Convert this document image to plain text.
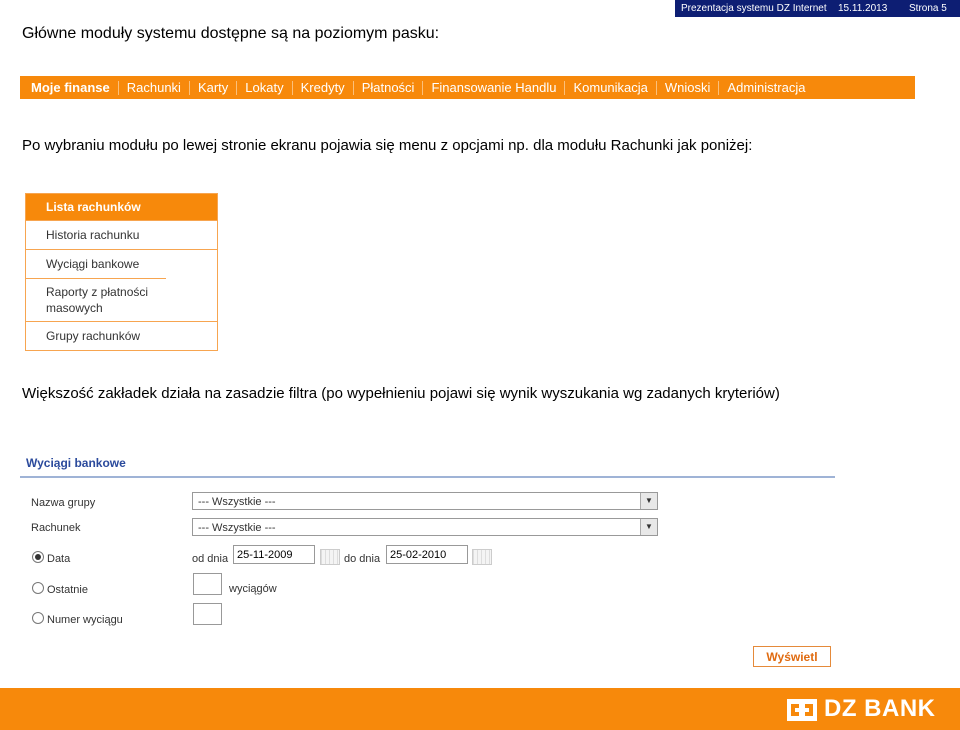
Prezentacja systemu DZ Internet 15.11.2013 Strona 5
Główne moduły systemu dostępne są na poziomym pasku:
Moje finanse	Rachunki	Karty	Lokaty	Kredyty	Płatności	Finansowanie Handlu	Komunikacja	Wnioski	Administracja
Po wybraniu modułu po lewej stronie ekranu pojawia się menu z opcjami np. dla modułu Rachunki jak poniżej:
Lista rachunków
Historia rachunku
Wyciągi bankowe
Raporty z płatności masowych
Grupy rachunków
Większość zakładek działa na zasadzie filtra (po wypełnieniu pojawi się wynik wyszukania wg zadanych kryteriów)
Wyciągi bankowe
Nazwa grupy	--- Wszystkie ---	▼
Rachunek	--- Wszystkie ---	▼
Data	od dnia 25-11-2009	do dnia 25-02-2010
Ostatnie	wyciągów
Numer wyciągu
Wyświetl
DZ BANK
